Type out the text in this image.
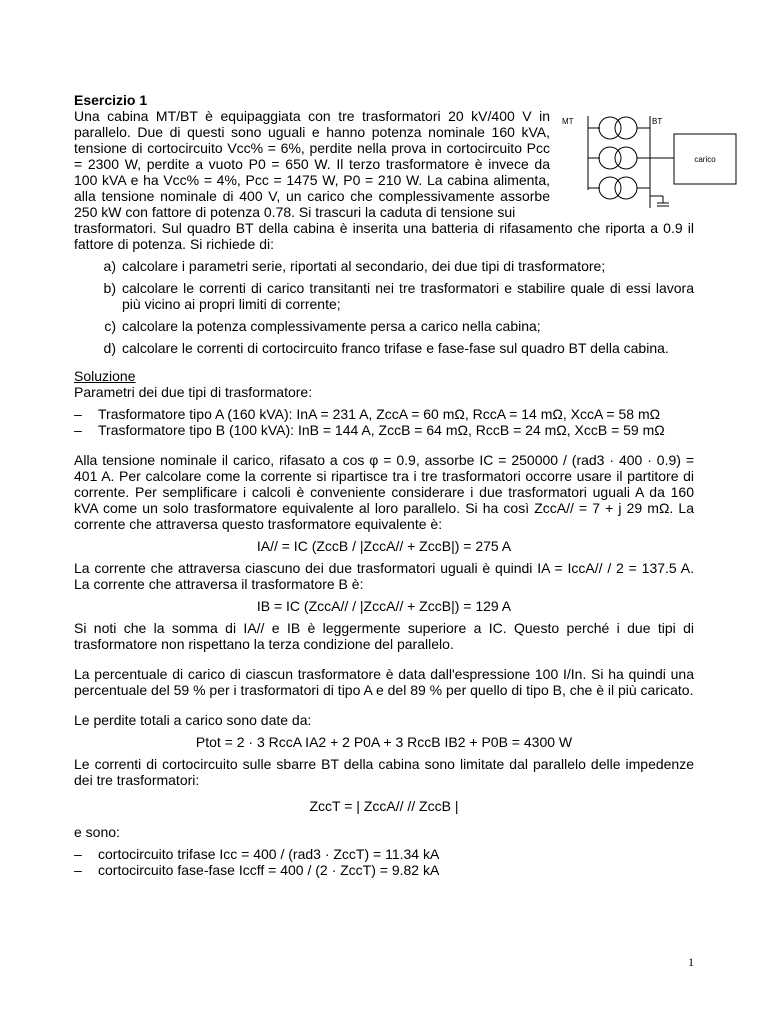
MT	BT
carico

Esercizio 1

Una cabina MT/BT è equipaggiata con tre trasformatori 20 kV/400 V in parallelo. Due di questi sono uguali e hanno potenza nominale 160 kVA, tensione di cortocircuito Vcc% = 6%, perdite nella prova in cortocircuito Pcc = 2300 W, perdite a vuoto P0 = 650 W. Il terzo trasformatore è invece da 100 kVA e ha Vcc% = 4%, Pcc = 1475 W, P0 = 210 W. La cabina alimenta, alla tensione nominale di 400 V, un carico che complessivamente assorbe 250 kW con fattore di potenza 0.78. Si trascuri la caduta di tensione sui

trasformatori. Sul quadro BT della cabina è inserita una batteria di rifasamento che riporta a 0.9 il fattore di potenza. Si richiede di:

a) calcolare i parametri serie, riportati al secondario, dei due tipi di trasformatore;
b) calcolare le correnti di carico transitanti nei tre trasformatori e stabilire quale di essi lavora più vicino ai propri limiti di corrente;
c) calcolare la potenza complessivamente persa a carico nella cabina;
d) calcolare le correnti di cortocircuito franco trifase e fase-fase sul quadro BT della cabina.

Soluzione

Parametri dei due tipi di trasformatore:

– Trasformatore tipo A (160 kVA): InA = 231 A, ZccA = 60 mΩ, RccA = 14 mΩ, XccA = 58 mΩ
– Trasformatore tipo B (100 kVA): InB = 144 A, ZccB = 64 mΩ, RccB = 24 mΩ, XccB = 59 mΩ

Alla tensione nominale il carico, rifasato a cos φ = 0.9, assorbe IC = 250000 / (rad3 · 400 · 0.9) = 401 A. Per calcolare come la corrente si ripartisce tra i tre trasformatori occorre usare il partitore di corrente. Per semplificare i calcoli è conveniente considerare i due trasformatori uguali A da 160 kVA come un solo trasformatore equivalente al loro parallelo. Si ha così ZccA// = 7 + j 29 mΩ. La corrente che attraversa questo trasformatore equivalente è:

IA// = IC (ZccB / |ZccA// + ZccB|) = 275 A

La corrente che attraversa ciascuno dei due trasformatori uguali è quindi IA = IccA// / 2 = 137.5 A. La corrente che attraversa il trasformatore B è:

IB = IC (ZccA// / |ZccA// + ZccB|) = 129 A

Si noti che la somma di IA// e IB è leggermente superiore a IC. Questo perché i due tipi di trasformatore non rispettano la terza condizione del parallelo.

La percentuale di carico di ciascun trasformatore è data dall'espressione 100 I/In. Si ha quindi una percentuale del 59 % per i trasformatori di tipo A e del 89 % per quello di tipo B, che è il più caricato.

Le perdite totali a carico sono date da:

Ptot = 2 · 3 RccA IA2 + 2 P0A + 3 RccB IB2 + P0B = 4300 W

Le correnti di cortocircuito sulle sbarre BT della cabina sono limitate dal parallelo delle impedenze dei tre trasformatori:

ZccT = | ZccA// // ZccB |

e sono:

– cortocircuito trifase Icc = 400 / (rad3 · ZccT) = 11.34 kA
– cortocircuito fase-fase Iccff = 400 / (2 · ZccT) = 9.82 kA
1
